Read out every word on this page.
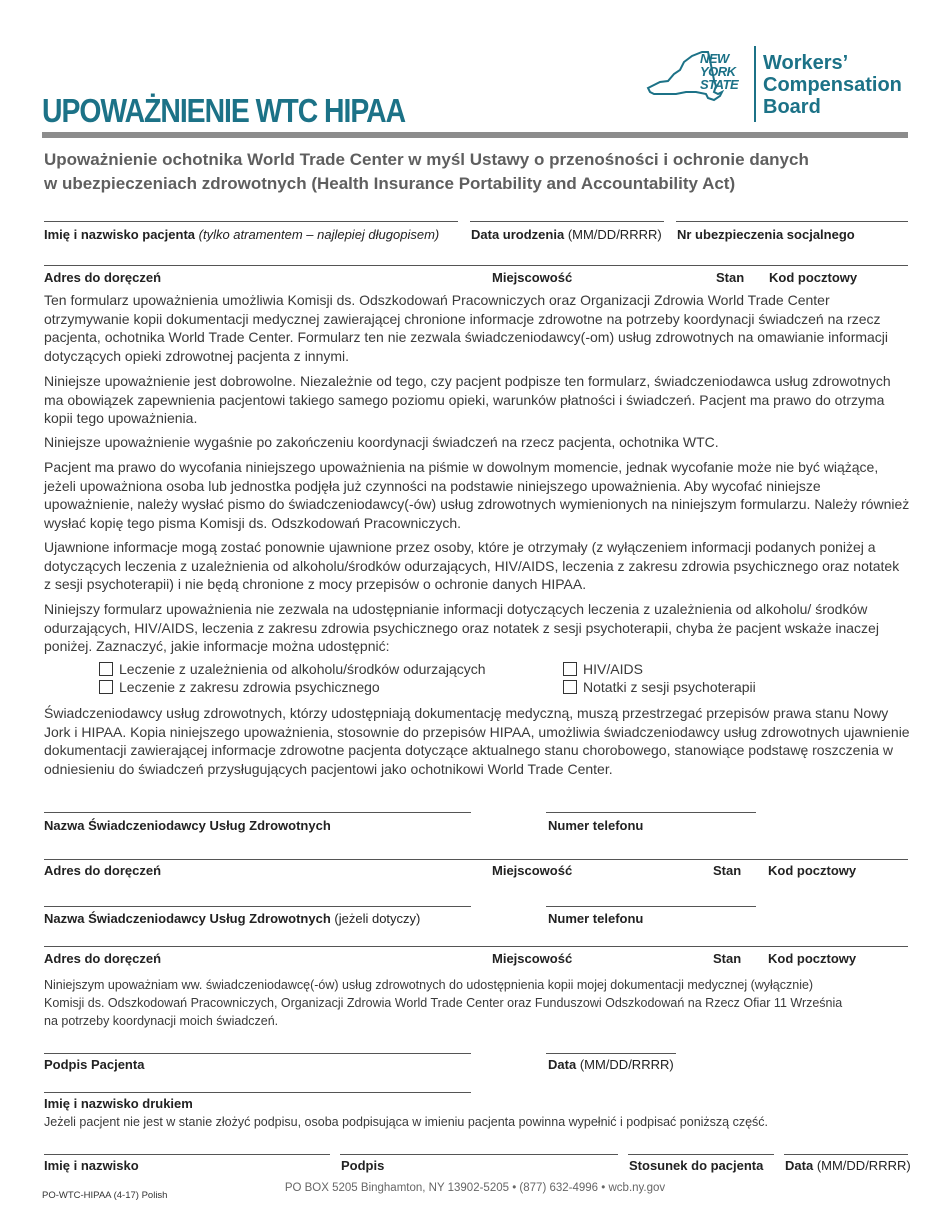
UPOWAŻNIENIE WTC HIPAA
NEW
YORK
STATE
Workers’
Compensation
Board
Upoważnienie ochotnika World Trade Center w myśl Ustawy o przenośności i ochronie danych
w ubezpieczeniach zdrowotnych (Health Insurance Portability and Accountability Act)
Imię i nazwisko pacjenta (tylko atramentem – najlepiej długopisem) Data urodzenia (MM/DD/RRRR) Nr ubezpieczenia socjalnego
Adres do doręczeń	Miejscowość	Stan Kod pocztowy
Ten formularz upoważnienia umożliwia Komisji ds. Odszkodowań Pracowniczych oraz Organizacji Zdrowia World Trade Center otrzymywanie kopii dokumentacji medycznej zawierającej chronione informacje zdrowotne na potrzeby koordynacji świadczeń na rzecz pacjenta, ochotnika World Trade Center. Formularz ten nie zezwala świadczeniodawcy(-om) usług zdrowotnych na omawianie informacji dotyczących opieki zdrowotnej pacjenta z innymi.
Niniejsze upoważnienie jest dobrowolne. Niezależnie od tego, czy pacjent podpisze ten formularz, świadczeniodawca usług zdrowotnych ma obowiązek zapewnienia pacjentowi takiego samego poziomu opieki, warunków płatności i świadczeń. Pacjent ma prawo do otrzyma kopii tego upoważnienia.
Niniejsze upoważnienie wygaśnie po zakończeniu koordynacji świadczeń na rzecz pacjenta, ochotnika WTC.
Pacjent ma prawo do wycofania niniejszego upoważnienia na piśmie w dowolnym momencie, jednak wycofanie może nie być wiążące, jeżeli upoważniona osoba lub jednostka podjęła już czynności na podstawie niniejszego upoważnienia. Aby wycofać niniejsze upoważnienie, należy wysłać pismo do świadczeniodawcy(-ów) usług zdrowotnych wymienionych na niniejszym formularzu. Należy również wysłać kopię tego pisma Komisji ds. Odszkodowań Pracowniczych.
Ujawnione informacje mogą zostać ponownie ujawnione przez osoby, które je otrzymały (z wyłączeniem informacji podanych poniżej a dotyczących leczenia z uzależnienia od alkoholu/środków odurzających, HIV/AIDS, leczenia z zakresu zdrowia psychicznego oraz notatek z sesji psychoterapii) i nie będą chronione z mocy przepisów o ochronie danych HIPAA.
Niniejszy formularz upoważnienia nie zezwala na udostępnianie informacji dotyczących leczenia z uzależnienia od alkoholu/ środków odurzających, HIV/AIDS, leczenia z zakresu zdrowia psychicznego oraz notatek z sesji psychoterapii, chyba że pacjent wskaże inaczej poniżej. Zaznaczyć, jakie informacje można udostępnić:
Leczenie z uzależnienia od alkoholu/środków odurzających	HIV/AIDS
Leczenie z zakresu zdrowia psychicznego	Notatki z sesji psychoterapii
Świadczeniodawcy usług zdrowotnych, którzy udostępniają dokumentację medyczną, muszą przestrzegać przepisów prawa stanu Nowy Jork i HIPAA. Kopia niniejszego upoważnienia, stosownie do przepisów HIPAA, umożliwia świadczeniodawcy usług zdrowotnych ujawnienie dokumentacji zawierającej informacje zdrowotne pacjenta dotyczące aktualnego stanu chorobowego, stanowiące podstawę roszczenia w odniesieniu do świadczeń przysługujących pacjentowi jako ochotnikowi World Trade Center.
Nazwa Świadczeniodawcy Usług Zdrowotnych	Numer telefonu
Adres do doręczeń	Miejscowość	Stan Kod pocztowy
Nazwa Świadczeniodawcy Usług Zdrowotnych (jeżeli dotyczy)	Numer telefonu
Adres do doręczeń	Miejscowość	Stan Kod pocztowy
Niniejszym upoważniam ww. świadczeniodawcę(-ów) usług zdrowotnych do udostępnienia kopii mojej dokumentacji medycznej (wyłącznie) Komisji ds. Odszkodowań Pracowniczych, Organizacji Zdrowia World Trade Center oraz Funduszowi Odszkodowań na Rzecz Ofiar 11 Września na potrzeby koordynacji moich świadczeń.
Podpis Pacjenta	Data (MM/DD/RRRR)
Imię i nazwisko drukiem
Jeżeli pacjent nie jest w stanie złożyć podpisu, osoba podpisująca w imieniu pacjenta powinna wypełnić i podpisać poniższą część.
Imię i nazwisko	Podpis	Stosunek do pacjenta Data (MM/DD/RRRR)
PO BOX 5205 Binghamton, NY 13902-5205 • (877) 632-4996 • wcb.ny.gov
PO-WTC-HIPAA (4-17) Polish
